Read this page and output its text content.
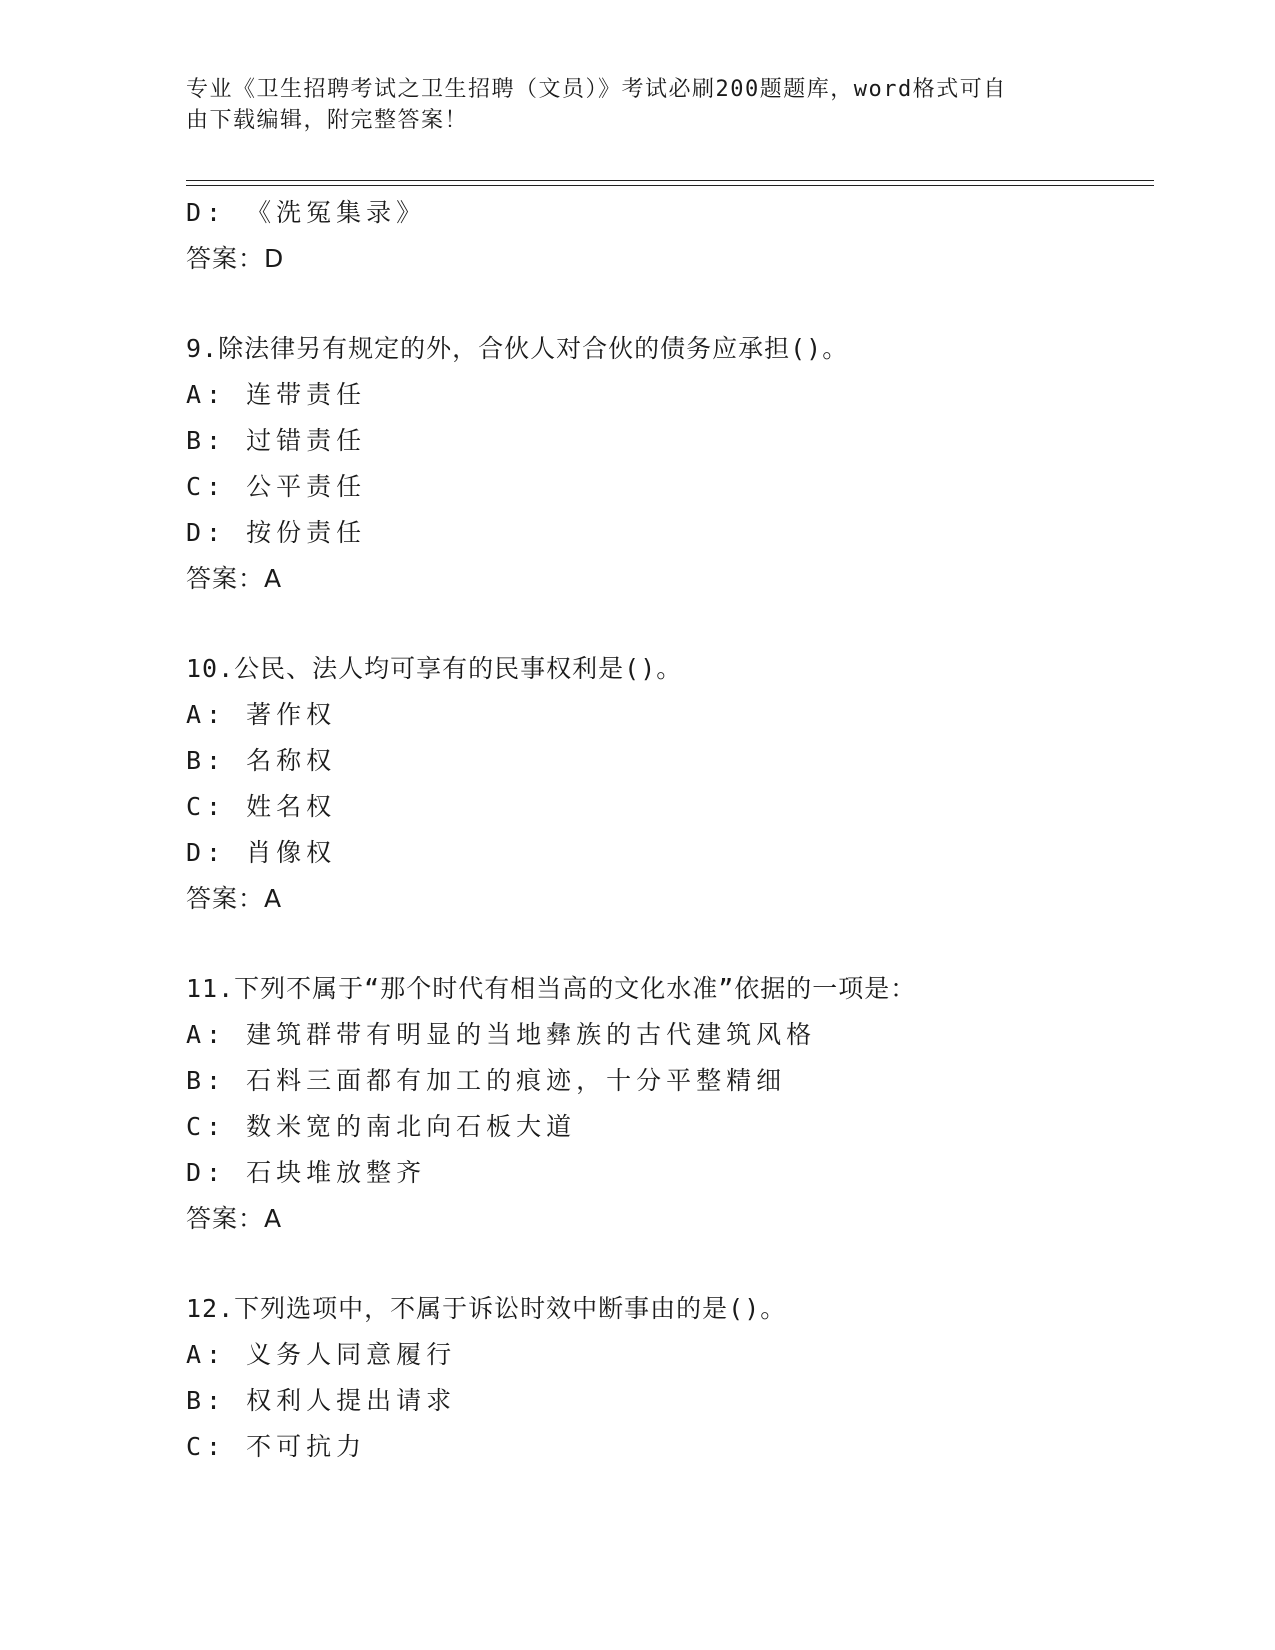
专业《卫生招聘考试之卫生招聘（文员）》考试必刷200题题库，word格式可自
由下载编辑，附完整答案！
D: 《洗冤集录》
答案：D
9.除法律另有规定的外，合伙人对合伙的债务应承担()。
A: 连带责任
B: 过错责任
C: 公平责任
D: 按份责任
答案：A
10.公民、法人均可享有的民事权利是()。
A: 著作权
B: 名称权
C: 姓名权
D: 肖像权
答案：A
11.下列不属于“那个时代有相当高的文化水准”依据的一项是：
A: 建筑群带有明显的当地彝族的古代建筑风格
B: 石料三面都有加工的痕迹，十分平整精细
C: 数米宽的南北向石板大道
D: 石块堆放整齐
答案：A
12.下列选项中，不属于诉讼时效中断事由的是()。
A: 义务人同意履行
B: 权利人提出请求
C: 不可抗力
